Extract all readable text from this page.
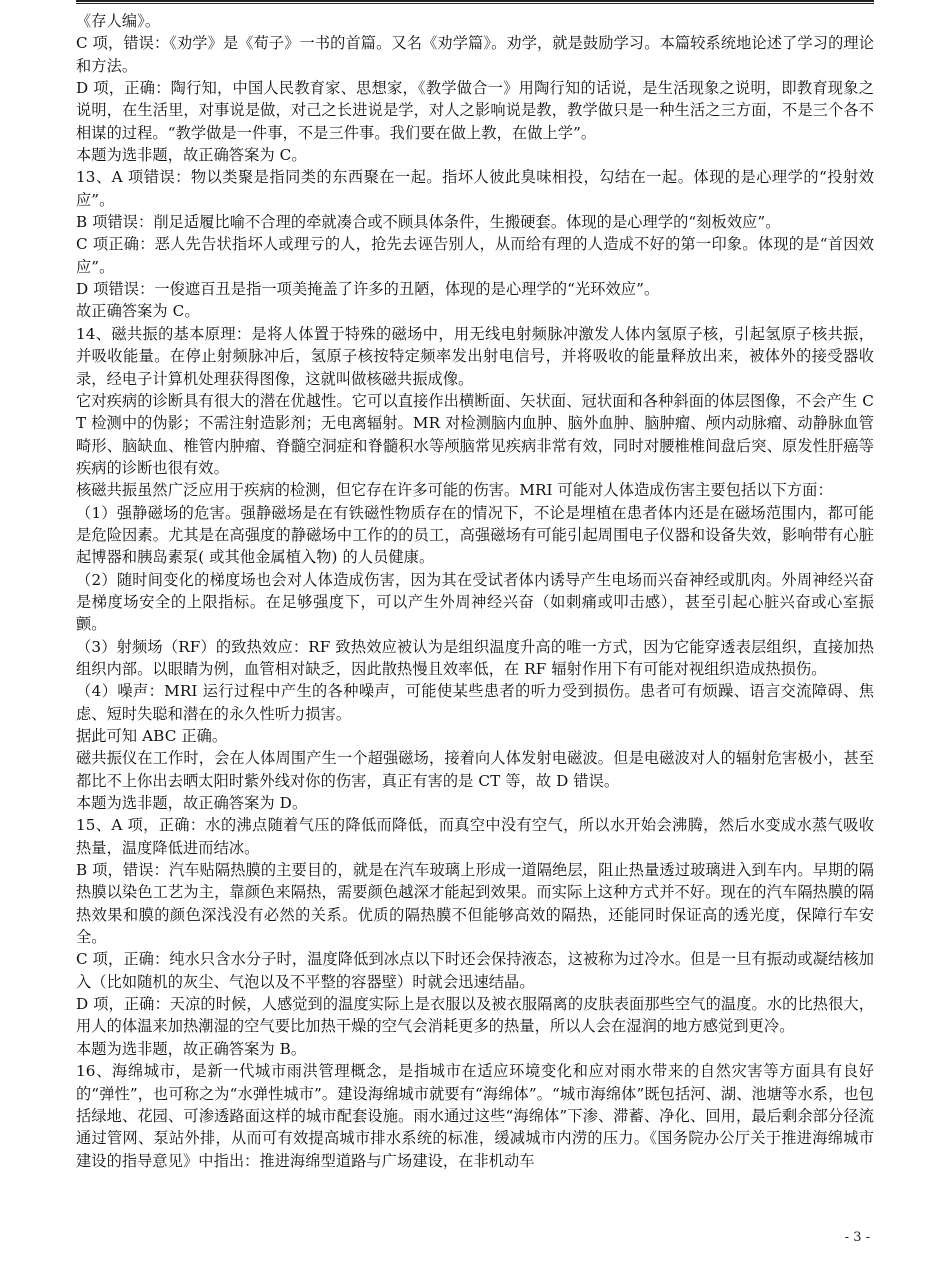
《存人编》。

C 项，错误：《劝学》是《荀子》一书的首篇。又名《劝学篇》。劝学，就是鼓励学习。本篇较系统地论述了学习的理论和方法。

D 项，正确：陶行知，中国人民教育家、思想家，《教学做合一》用陶行知的话说，是生活现象之说明，即教育现象之说明，在生活里，对事说是做，对己之长进说是学，对人之影响说是教，教学做只是一种生活之三方面，不是三个各不相谋的过程。“教学做是一件事，不是三件事。我们要在做上教，在做上学”。

本题为选非题，故正确答案为 C。

13、A 项错误：物以类聚是指同类的东西聚在一起。指坏人彼此臭味相投，勾结在一起。体现的是心理学的“投射效应”。

B 项错误：削足适履比喻不合理的牵就凑合或不顾具体条件，生搬硬套。体现的是心理学的“刻板效应”。

C 项正确：恶人先告状指坏人或理亏的人，抢先去诬告别人，从而给有理的人造成不好的第一印象。体现的是“首因效应”。

D 项错误：一俊遮百丑是指一项美掩盖了许多的丑陋，体现的是心理学的“光环效应”。

故正确答案为 C。

14、磁共振的基本原理：是将人体置于特殊的磁场中，用无线电射频脉冲激发人体内氢原子核，引起氢原子核共振，并吸收能量。在停止射频脉冲后，氢原子核按特定频率发出射电信号，并将吸收的能量释放出来，被体外的接受器收录，经电子计算机处理获得图像，这就叫做核磁共振成像。

它对疾病的诊断具有很大的潜在优越性。它可以直接作出横断面、矢状面、冠状面和各种斜面的体层图像，不会产生 CT 检测中的伪影；不需注射造影剂；无电离辐射。MR 对检测脑内血肿、脑外血肿、脑肿瘤、颅内动脉瘤、动静脉血管畸形、脑缺血、椎管内肿瘤、脊髓空洞症和脊髓积水等颅脑常见疾病非常有效，同时对腰椎椎间盘后突、原发性肝癌等疾病的诊断也很有效。

核磁共振虽然广泛应用于疾病的检测，但它存在许多可能的伤害。MRI 可能对人体造成伤害主要包括以下方面：

（1）强静磁场的危害。强静磁场是在有铁磁性物质存在的情况下，不论是埋植在患者体内还是在磁场范围内，都可能是危险因素。尤其是在高强度的静磁场中工作的的员工，高强磁场有可能引起周围电子仪器和设备失效，影响带有心脏起博器和胰岛素泵( 或其他金属植入物) 的人员健康。

（2）随时间变化的梯度场也会对人体造成伤害，因为其在受试者体内诱导产生电场而兴奋神经或肌肉。外周神经兴奋是梯度场安全的上限指标。在足够强度下，可以产生外周神经兴奋（如刺痛或叩击感），甚至引起心脏兴奋或心室振颤。

（3）射频场（RF）的致热效应：RF 致热效应被认为是组织温度升高的唯一方式，因为它能穿透表层组织，直接加热组织内部。以眼睛为例，血管相对缺乏，因此散热慢且效率低，在 RF 辐射作用下有可能对视组织造成热损伤。

（4）噪声：MRI 运行过程中产生的各种噪声，可能使某些患者的听力受到损伤。患者可有烦躁、语言交流障碍、焦虑、短时失聪和潜在的永久性听力损害。

据此可知 ABC 正确。

磁共振仪在工作时，会在人体周围产生一个超强磁场，接着向人体发射电磁波。但是电磁波对人的辐射危害极小，甚至都比不上你出去晒太阳时紫外线对你的伤害，真正有害的是 CT 等，故 D 错误。

本题为选非题，故正确答案为 D。

15、A 项，正确：水的沸点随着气压的降低而降低，而真空中没有空气，所以水开始会沸腾，然后水变成水蒸气吸收热量，温度降低进而结冰。

B 项，错误：汽车贴隔热膜的主要目的，就是在汽车玻璃上形成一道隔绝层，阻止热量透过玻璃进入到车内。早期的隔热膜以染色工艺为主，靠颜色来隔热，需要颜色越深才能起到效果。而实际上这种方式并不好。现在的汽车隔热膜的隔热效果和膜的颜色深浅没有必然的关系。优质的隔热膜不但能够高效的隔热，还能同时保证高的透光度，保障行车安全。

C 项，正确：纯水只含水分子时，温度降低到冰点以下时还会保持液态，这被称为过冷水。但是一旦有振动或凝结核加入（比如随机的灰尘、气泡以及不平整的容器壁）时就会迅速结晶。

D 项，正确：天凉的时候，人感觉到的温度实际上是衣服以及被衣服隔离的皮肤表面那些空气的温度。水的比热很大，用人的体温来加热潮湿的空气要比加热干燥的空气会消耗更多的热量，所以人会在湿润的地方感觉到更冷。

本题为选非题，故正确答案为 B。

16、海绵城市，是新一代城市雨洪管理概念，是指城市在适应环境变化和应对雨水带来的自然灾害等方面具有良好的“弹性”，也可称之为“水弹性城市”。建设海绵城市就要有“海绵体”。“城市海绵体”既包括河、湖、池塘等水系，也包括绿地、花园、可渗透路面这样的城市配套设施。雨水通过这些“海绵体”下渗、滞蓄、净化、回用，最后剩余部分径流通过管网、泵站外排，从而可有效提高城市排水系统的标准，缓减城市内涝的压力。《国务院办公厅关于推进海绵城市建设的指导意见》中指出：推进海绵型道路与广场建设，在非机动车

- 3 -
